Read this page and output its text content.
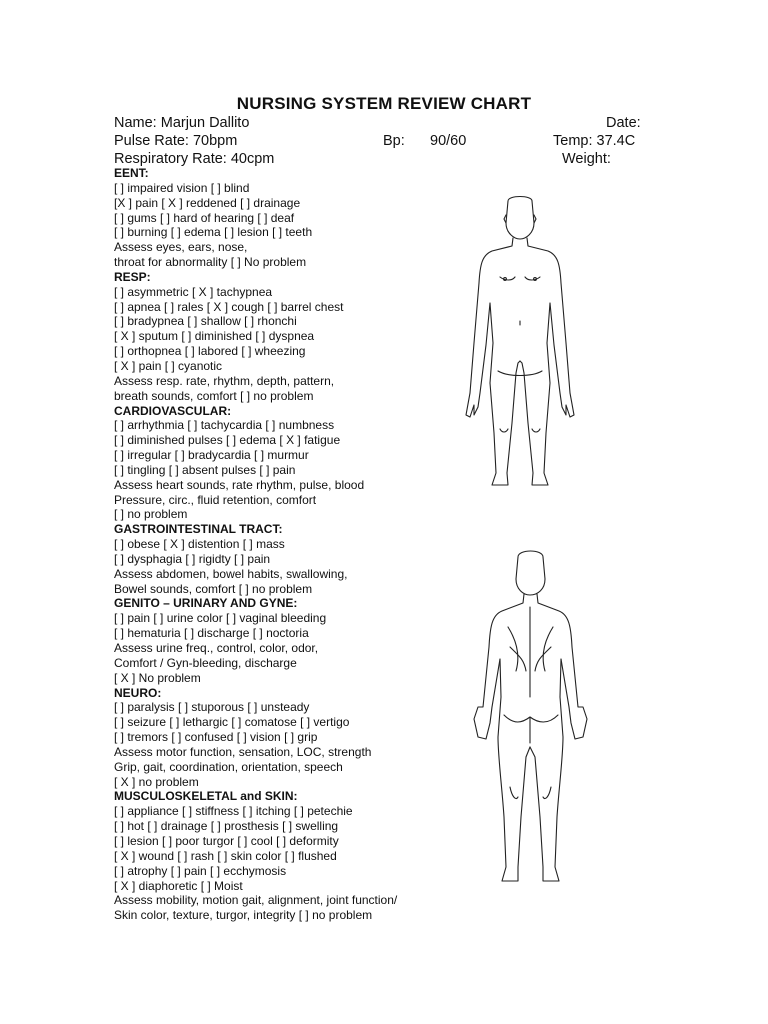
NURSING SYSTEM REVIEW CHART
Name: Marjun Dallito	Date:
Pulse Rate: 70bpm	Bp: 90/60	Temp: 37.4C
Respiratory Rate: 40cpm	Weight:
EENT:
[ ] impaired vision [ ] blind
[X ] pain [ X ] reddened [ ] drainage
[ ] gums [ ] hard of hearing [ ] deaf
[ ] burning [ ] edema [ ] lesion [ ] teeth
Assess eyes, ears, nose,
throat for abnormality [ ] No problem
RESP:
[ ] asymmetric [ X ] tachypnea
[ ] apnea [ ] rales [ X ] cough [ ] barrel chest
[ ] bradypnea [ ] shallow [ ] rhonchi
[ X ] sputum [ ] diminished [ ] dyspnea
[ ] orthopnea [ ] labored [ ] wheezing
[ X ] pain [ ] cyanotic
Assess resp. rate, rhythm, depth, pattern,
breath sounds, comfort [ ] no problem
CARDIOVASCULAR:
[ ] arrhythmia [ ] tachycardia [ ] numbness
[ ] diminished pulses [ ] edema [ X ] fatigue
[ ] irregular [ ] bradycardia [ ] murmur
[ ] tingling [ ] absent pulses [ ] pain
Assess heart sounds, rate rhythm, pulse, blood
Pressure, circ., fluid retention, comfort
[ ] no problem
GASTROINTESTINAL TRACT:
[ ] obese [ X ] distention [ ] mass
[ ] dysphagia [ ] rigidty [ ] pain
Assess abdomen, bowel habits, swallowing,
Bowel sounds, comfort [ ] no problem
GENITO – URINARY AND GYNE:
[ ] pain [ ] urine color [ ] vaginal bleeding
[ ] hematuria [ ] discharge [ ] noctoria
Assess urine freq., control, color, odor,
Comfort / Gyn-bleeding, discharge
[ X ] No problem
NEURO:
[ ] paralysis [ ] stuporous [ ] unsteady
[ ] seizure [ ] lethargic [ ] comatose [ ] vertigo
[ ] tremors [ ] confused [ ] vision [ ] grip
Assess motor function, sensation, LOC, strength
Grip, gait, coordination, orientation, speech
[ X ] no problem
MUSCULOSKELETAL and SKIN:
[ ] appliance [ ] stiffness [ ] itching [ ] petechie
[ ] hot [ ] drainage [ ] prosthesis [ ] swelling
[ ] lesion [ ] poor turgor [ ] cool [ ] deformity
[ X ] wound [ ] rash [ ] skin color [ ] flushed
[ ] atrophy [ ] pain [ ] ecchymosis
[ X ] diaphoretic [ ] Moist
Assess mobility, motion gait, alignment, joint function/
Skin color, texture, turgor, integrity [ ] no problem
